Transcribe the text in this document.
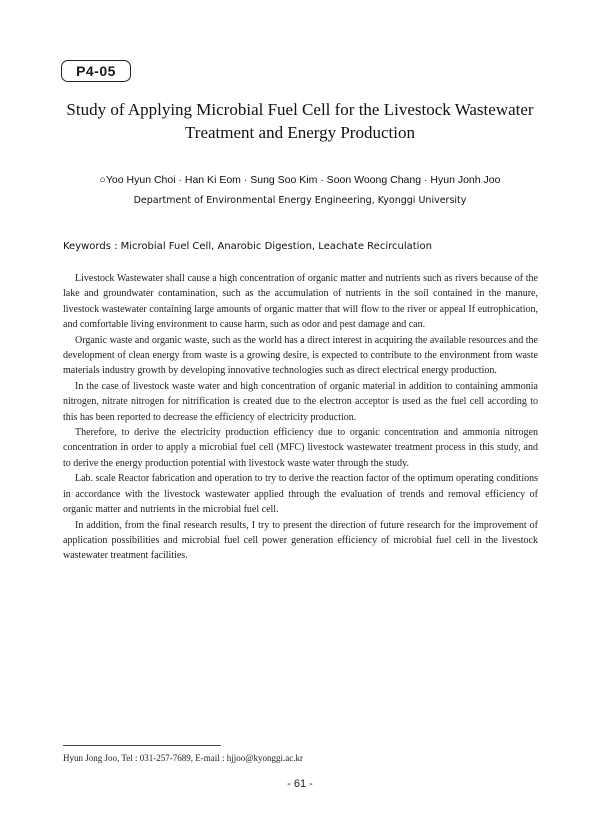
P4-05
Study of Applying Microbial Fuel Cell for the Livestock Wastewater
Treatment and Energy Production
○Yoo Hyun Choi · Han Ki Eom · Sung Soo Kim · Soon Woong Chang · Hyun Jonh Joo
Department of Environmental Energy Engineering, Kyonggi University
Keywords : Microbial Fuel Cell, Anarobic Digestion, Leachate Recirculation

Livestock Wastewater shall cause a high concentration of organic matter and nutrients such as rivers because of the lake and groundwater contamination, such as the accumulation of nutrients in the soil contained in the manure, livestock wastewater containing large amounts of organic matter that will flow to the river or appeal If eutrophication, and comfortable living environment to cause harm, such as odor and pest damage and can.

Organic waste and organic waste, such as the world has a direct interest in acquiring the available resources and the development of clean energy from waste is a growing desire, is expected to contribute to the environment from waste materials industry growth by developing innovative technologies such as direct electrical energy production.

In the case of livestock waste water and high concentration of organic material in addition to containing ammonia nitrogen, nitrate nitrogen for nitrification is created due to the electron acceptor is used as the fuel cell according to this has been reported to decrease the efficiency of electricity production.

Therefore, to derive the electricity production efficiency due to organic concentration and ammonia nitrogen concentration in order to apply a microbial fuel cell (MFC) livestock wastewater treatment process in this study, and to derive the energy production potential with livestock waste water through the study.

Lab. scale Reactor fabrication and operation to try to derive the reaction factor of the optimum operating conditions in accordance with the livestock wastewater applied through the evaluation of trends and removal efficiency of organic matter and nutrients in the microbial fuel cell.

In addition, from the final research results, I try to present the direction of future research for the improvement of application possibilities and microbial fuel cell power generation efficiency of microbial fuel cell in the livestock wastewater treatment facilities.

Hyun Jong Joo, Tel : 031-257-7689, E-mail : hjjoo@kyonggi.ac.kr
- 61 -
